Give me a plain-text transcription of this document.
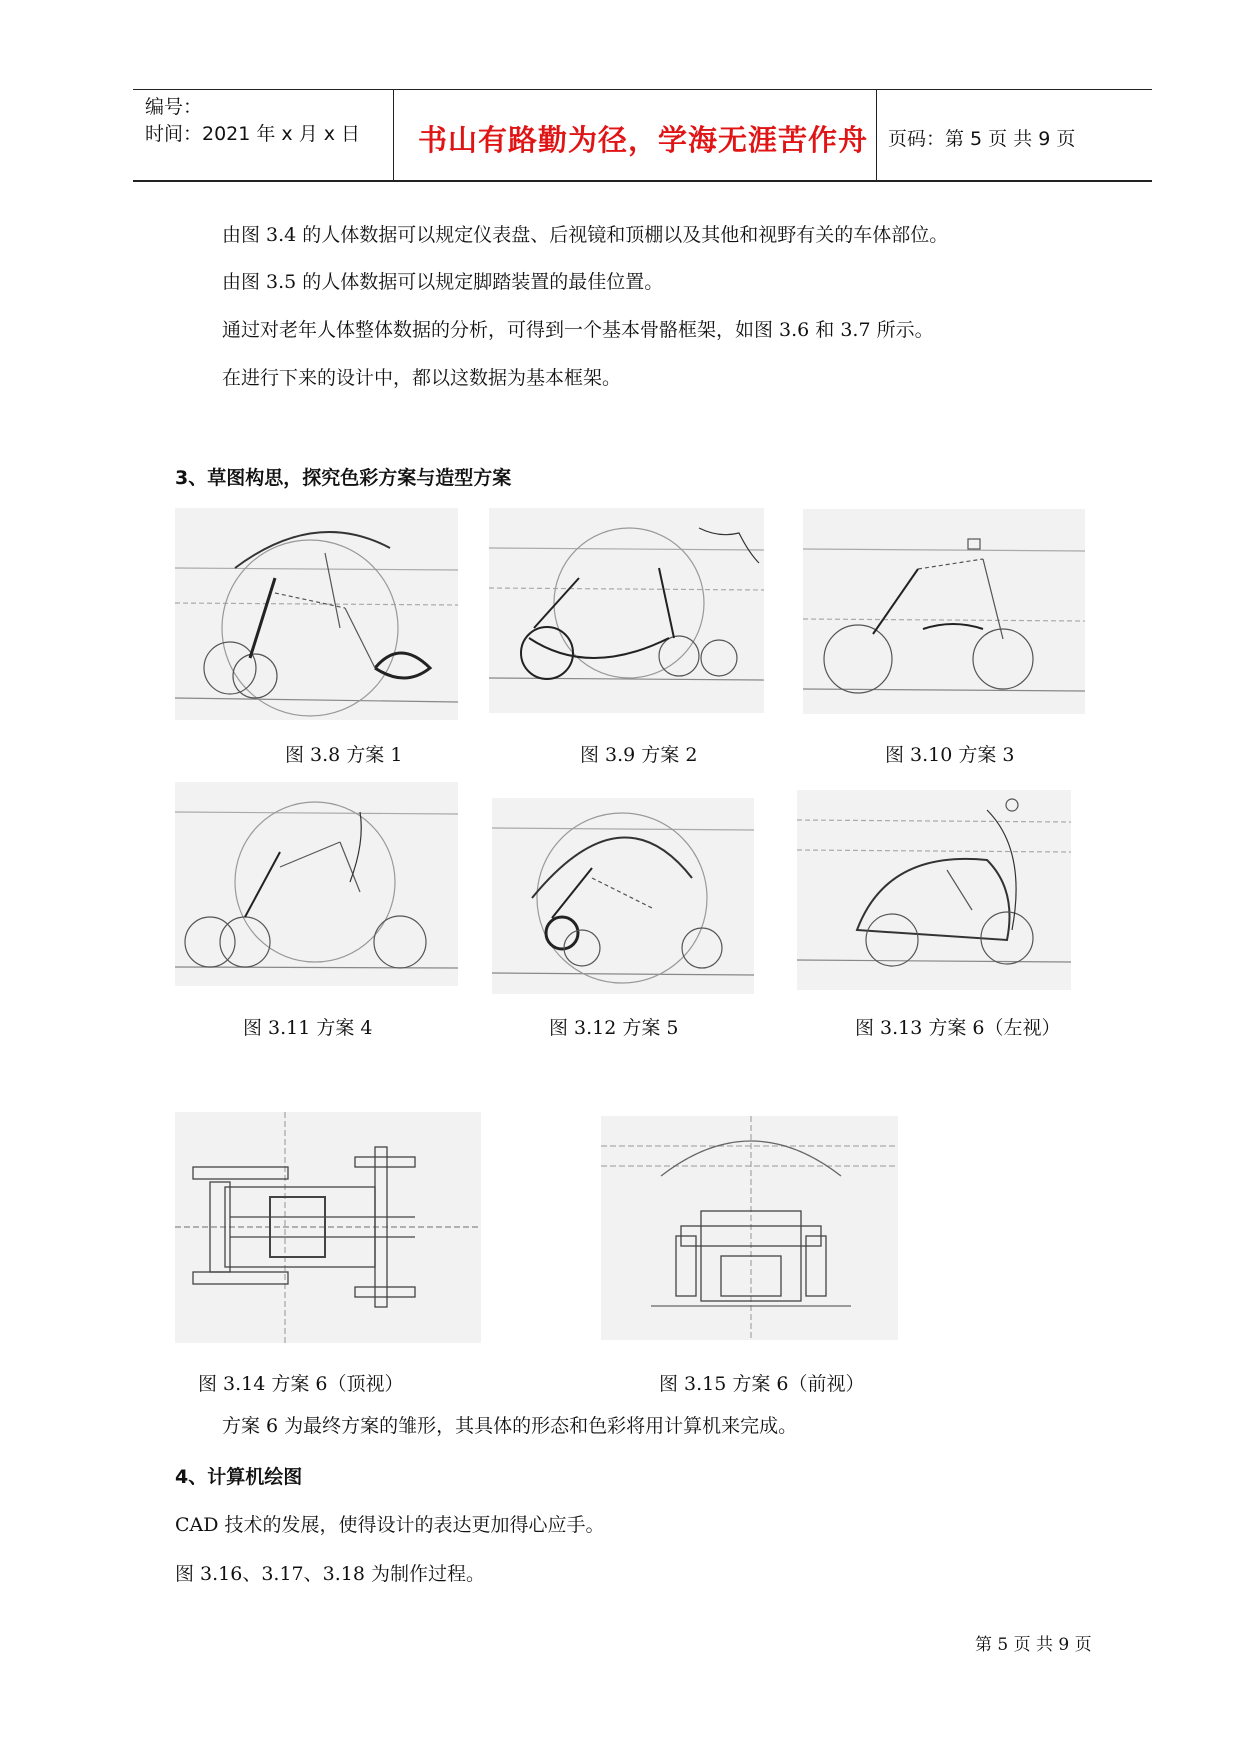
编号：
时间：2021 年 x 月 x 日 书山有路勤为径，学海无涯苦作舟 页码：第 5 页 共 9 页
由图 3.4 的人体数据可以规定仪表盘、后视镜和顶棚以及其他和视野有关的车体部位。
由图 3.5 的人体数据可以规定脚踏装置的最佳位置。
通过对老年人体整体数据的分析，可得到一个基本骨骼框架，如图 3.6 和 3.7 所示。
在进行下来的设计中，都以这数据为基本框架。
3、草图构思，探究色彩方案与造型方案
图 3.8 方案 1	图 3.9 方案 2	图 3.10 方案 3
图 3.11 方案 4	图 3.12 方案 5	图 3.13 方案 6（左视）
图 3.14 方案 6（顶视）	图 3.15 方案 6（前视）
方案 6 为最终方案的雏形，其具体的形态和色彩将用计算机来完成。
4、计算机绘图
CAD 技术的发展，使得设计的表达更加得心应手。
图 3.16、3.17、3.18 为制作过程。
第 5 页 共 9 页
